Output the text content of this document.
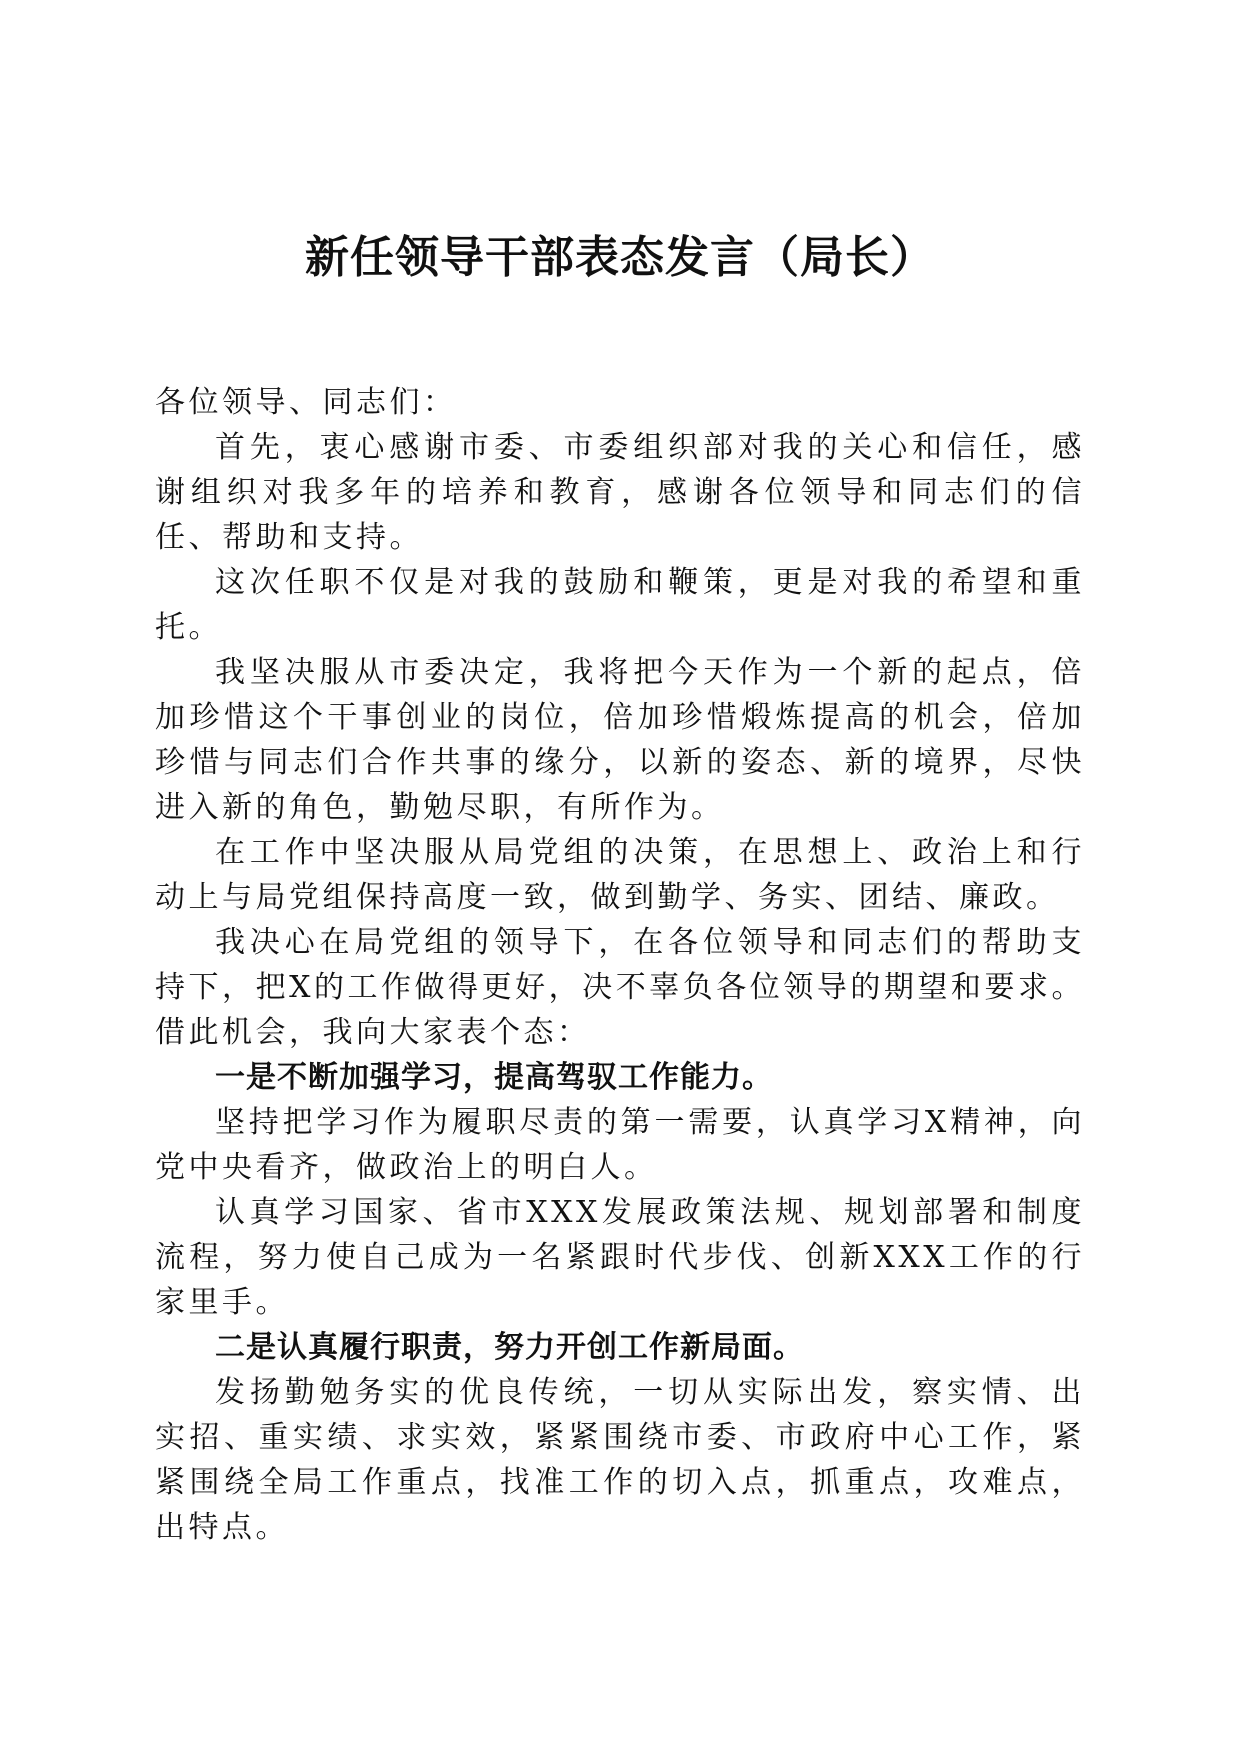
新任领导干部表态发言（局长）

各位领导、同志们：

首先，衷心感谢市委、市委组织部对我的关心和信任，感谢组织对我多年的培养和教育，感谢各位领导和同志们的信任、帮助和支持。

这次任职不仅是对我的鼓励和鞭策，更是对我的希望和重托。

我坚决服从市委决定，我将把今天作为一个新的起点，倍加珍惜这个干事创业的岗位，倍加珍惜煅炼提高的机会，倍加珍惜与同志们合作共事的缘分，以新的姿态、新的境界，尽快进入新的角色，勤勉尽职，有所作为。

在工作中坚决服从局党组的决策，在思想上、政治上和行动上与局党组保持高度一致，做到勤学、务实、团结、廉政。

我决心在局党组的领导下，在各位领导和同志们的帮助支持下，把X的工作做得更好，决不辜负各位领导的期望和要求。借此机会，我向大家表个态：

一是不断加强学习，提高驾驭工作能力。

坚持把学习作为履职尽责的第一需要，认真学习X精神，向党中央看齐，做政治上的明白人。

认真学习国家、省市XXX发展政策法规、规划部署和制度流程，努力使自己成为一名紧跟时代步伐、创新XXX工作的行家里手。

二是认真履行职责，努力开创工作新局面。

发扬勤勉务实的优良传统，一切从实际出发，察实情、出实招、重实绩、求实效，紧紧围绕市委、市政府中心工作，紧紧围绕全局工作重点，找准工作的切入点，抓重点，攻难点，出特点。
